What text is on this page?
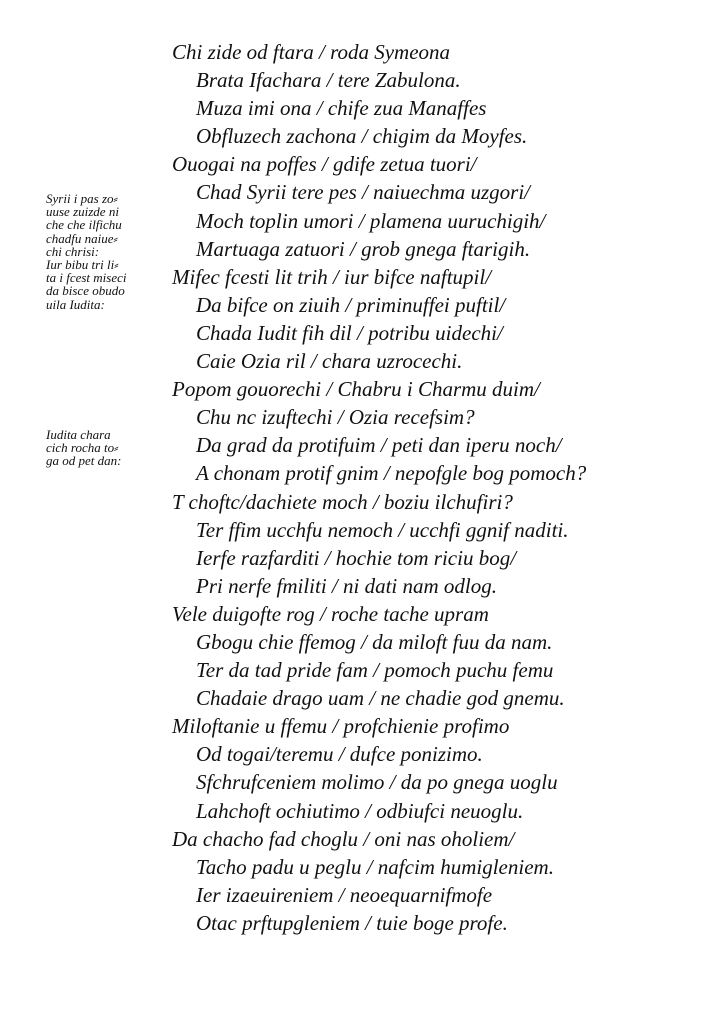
Syrii i pas zo⸗
uuse zuizde ni
che che ilfichu
chadfu naiue⸗
chi chrisi:
Iur bibu tri li⸗
ta i fcest miseci
da bisce obudo
uila Iudita:
Iudita chara
cich rocha to⸗
ga od pet dan:
Chi zide od ftara / roda Symeona
Brata Ifachara / tere Zabulona.
Muza imi ona / chife zua Manaffes
Obfluzech zachona / chigim da Moyfes.
Ouogai na poffes / gdife zetua tuori/
Chad Syrii tere pes / naiuechma uzgori/
Moch toplin umori / plamena uuruchigih/
Martuaga zatuori / grob gnega ftarigih.
Mifec fcesti lit trih / iur bifce naftupil/
Da bifce on ziuih / priminuffei puftil/
Chada Iudit fih dil / potribu uidechi/
Caie Ozia ril / chara uzrocechi.
Popom gouorechi / Chabru i Charmu duim/
Chu nc izuftechi / Ozia recefsim?
Da grad da protifuim / peti dan iperu noch/
A chonam protif gnim / nepofgle bog pomoch?
T choftc/dachiete moch / boziu ilchufiri?
Ter ffim ucchfu nemoch / ucchfi ggnif naditi.
Ierfe razfarditi / hochie tom riciu bog/
Pri nerfe fmiliti / ni dati nam odlog.
Vele duigofte rog / roche tache upram
Gbogu chie ffemog / da miloft fuu da nam.
Ter da tad pride fam / pomoch puchu femu
Chadaie drago uam / ne chadie god gnemu.
Miloftanie u ffemu / profchienie profimo
Od togai/teremu / dufce ponizimo.
Sfchrufceniem molimo / da po gnega uoglu
Lahchoft ochiutimo / odbiufci neuoglu.
Da chacho fad choglu / oni nas oholiem/
Tacho padu u peglu / nafcim humigleniem.
Ier izaeuireniem / neoequarnifmofe
Otac prftupgleniem / tuie boge profe.
